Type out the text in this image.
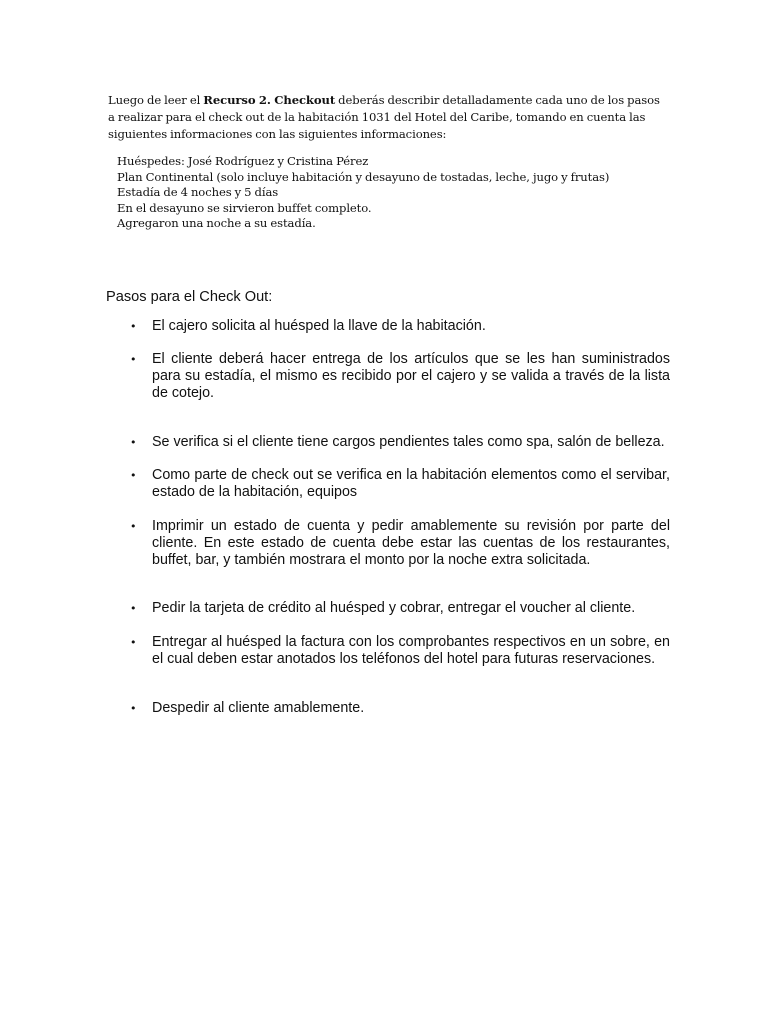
Luego de leer el Recurso 2. Checkout deberás describir detalladamente cada uno de los pasos a realizar para el check out de la habitación 1031 del Hotel del Caribe, tomando en cuenta las siguientes informaciones con las siguientes informaciones:

Huéspedes: José Rodríguez y Cristina Pérez
Plan Continental (solo incluye habitación y desayuno de tostadas, leche, jugo y frutas)
Estadía de 4 noches y 5 días
En el desayuno se sirvieron buffet completo.
Agregaron una noche a su estadía.
Pasos para el Check Out:
•	El cajero solicita al huésped la llave de la habitación.
•	El cliente deberá hacer entrega de los artículos que se les han suministrados para su estadía, el mismo es recibido por el cajero y se valida a través de la lista de cotejo.
•	Se verifica si el cliente tiene cargos pendientes tales como spa, salón de belleza.
•	Como parte de check out se verifica en la habitación elementos como el servibar, estado de la habitación, equipos
•	Imprimir un estado de cuenta y pedir amablemente su revisión por parte del cliente. En este estado de cuenta debe estar las cuentas de los restaurantes, buffet, bar, y también mostrara el monto por la noche extra solicitada.
•	Pedir la tarjeta de crédito al huésped y cobrar, entregar el voucher al cliente.
•	Entregar al huésped la factura con los comprobantes respectivos en un sobre, en el cual deben estar anotados los teléfonos del hotel para futuras reservaciones.
•	Despedir al cliente amablemente.
